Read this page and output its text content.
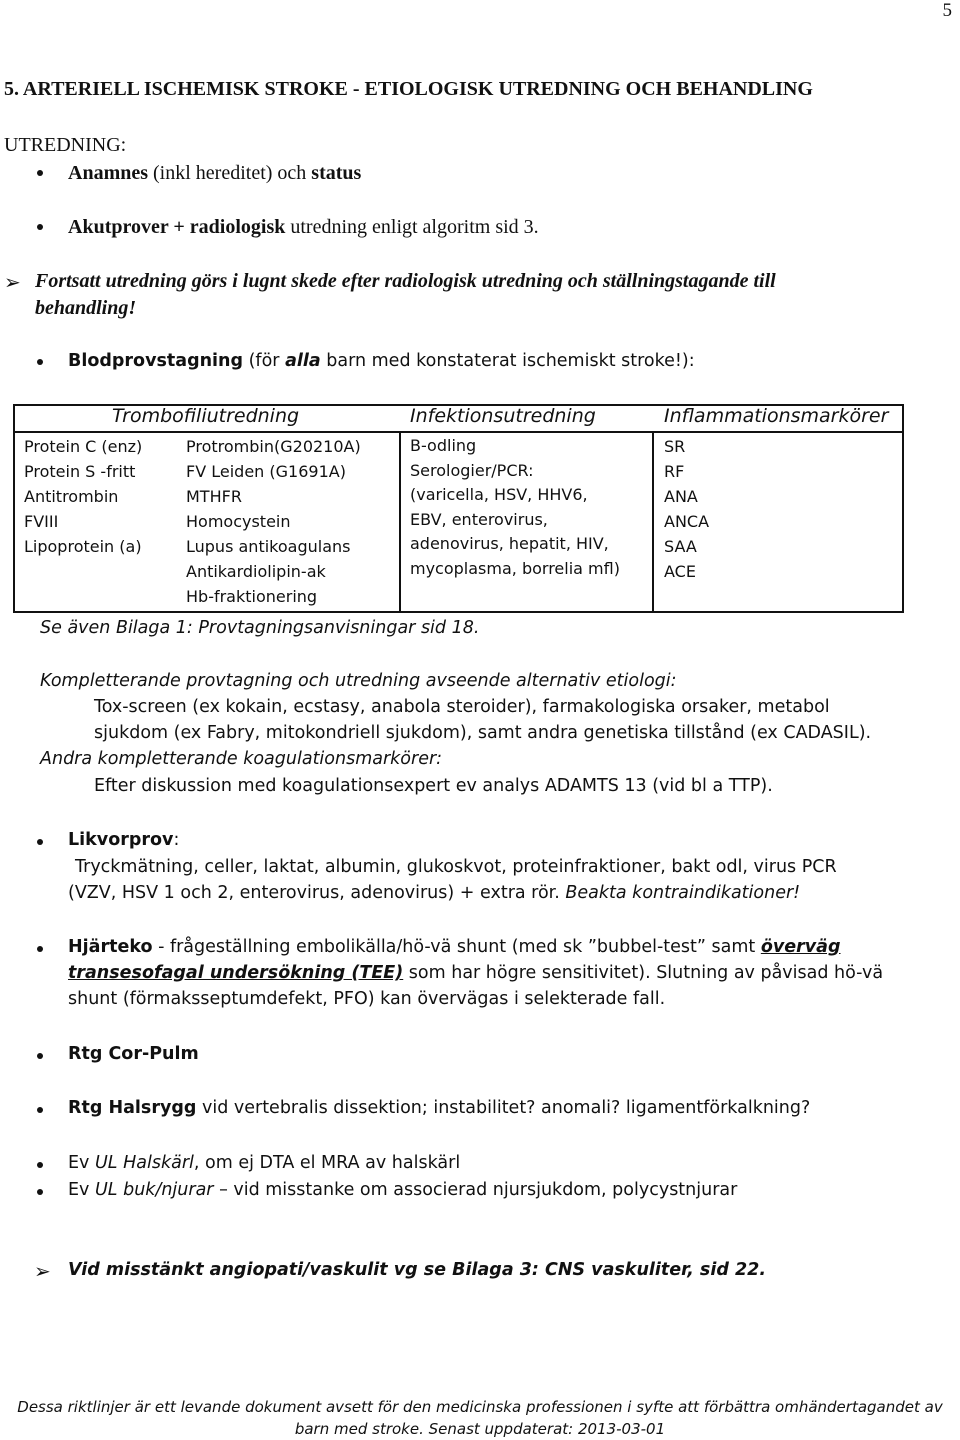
5
5. ARTERIELL ISCHEMISK STROKE - ETIOLOGISK UTREDNING OCH BEHANDLING
UTREDNING:
Anamnes (inkl hereditet) och status
Akutprover + radiologisk utredning enligt algoritm sid 3.
➢ Fortsatt utredning görs i lugnt skede efter radiologisk utredning och ställningstagande till
behandling!
Blodprovstagning (för alla barn med konstaterat ischemiskt stroke!):
Trombofiliutredning	Infektionsutredning	Inflammationsmarkörer
Protein C (enz)
Protein S -fritt
Antitrombin
FVIII
Lipoprotein (a)
Protrombin(G20210A)
FV Leiden (G1691A)
MTHFR
Homocystein
Lupus antikoagulans
Antikardiolipin-ak
Hb-fraktionering
B-odling
Serologier/PCR:
(varicella, HSV, HHV6,
EBV, enterovirus,
adenovirus, hepatit, HIV,
mycoplasma, borrelia mfl)
SR
RF
ANA
ANCA
SAA
ACE
Se även Bilaga 1: Provtagningsanvisningar sid 18.
Kompletterande provtagning och utredning avseende alternativ etiologi:
Tox-screen (ex kokain, ecstasy, anabola steroider), farmakologiska orsaker, metabol
sjukdom (ex Fabry, mitokondriell sjukdom), samt andra genetiska tillstånd (ex CADASIL).
Andra kompletterande koagulationsmarkörer:
Efter diskussion med koagulationsexpert ev analys ADAMTS 13 (vid bl a TTP).
Likvorprov:
Tryckmätning, celler, laktat, albumin, glukoskvot, proteinfraktioner, bakt odl, virus PCR
(VZV, HSV 1 och 2, enterovirus, adenovirus) + extra rör. Beakta kontraindikationer!
Hjärteko - frågeställning embolikälla/hö-vä shunt (med sk ”bubbel-test” samt överväg
transesofagal undersökning (TEE) som har högre sensitivitet). Slutning av påvisad hö-vä
shunt (förmaksseptumdefekt, PFO) kan övervägas i selekterade fall.
Rtg Cor-Pulm
Rtg Halsrygg vid vertebralis dissektion; instabilitet? anomali? ligamentförkalkning?
Ev UL Halskärl, om ej DTA el MRA av halskärl
Ev UL buk/njurar – vid misstanke om associerad njursjukdom, polycystnjurar
➢ Vid misstänkt angiopati/vaskulit vg se Bilaga 3: CNS vaskuliter, sid 22.
Dessa riktlinjer är ett levande dokument avsett för den medicinska professionen i syfte att förbättra omhändertagandet av
barn med stroke. Senast uppdaterat: 2013-03-01
